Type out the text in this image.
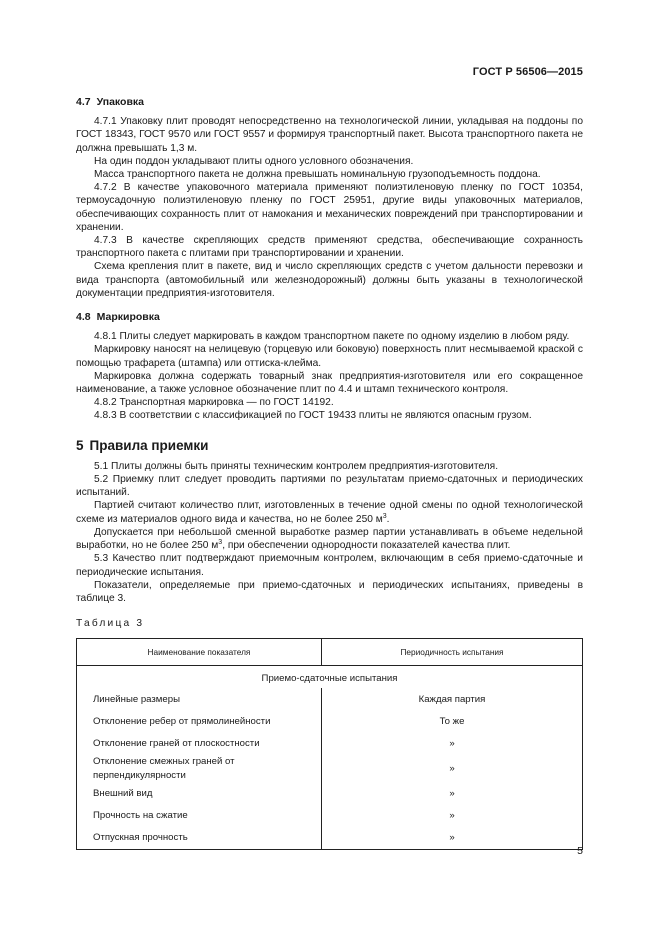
ГОСТ Р 56506—2015
4.7 Упаковка

4.7.1 Упаковку плит проводят непосредственно на технологической линии, укладывая на поддоны по ГОСТ 18343, ГОСТ 9570 или ГОСТ 9557 и формируя транспортный пакет. Высота транспортного пакета не должна превышать 1,3 м.

На один поддон укладывают плиты одного условного обозначения.

Масса транспортного пакета не должна превышать номинальную грузоподъемность поддона.

4.7.2 В качестве упаковочного материала применяют полиэтиленовую пленку по ГОСТ 10354, термоусадочную полиэтиленовую пленку по ГОСТ 25951, другие виды упаковочных материалов, обеспечивающих сохранность плит от намокания и механических повреждений при транспортировании и хранении.

4.7.3 В качестве скрепляющих средств применяют средства, обеспечивающие сохранность транспортного пакета с плитами при транспортировании и хранении.

Схема крепления плит в пакете, вид и число скрепляющих средств с учетом дальности перевозки и вида транспорта (автомобильный или железнодорожный) должны быть указаны в технологической документации предприятия-изготовителя.

4.8 Маркировка

4.8.1 Плиты следует маркировать в каждом транспортном пакете по одному изделию в любом ряду.

Маркировку наносят на нелицевую (торцевую или боковую) поверхность плит несмываемой краской с помощью трафарета (штампа) или оттиска-клейма.

Маркировка должна содержать товарный знак предприятия-изготовителя или его сокращенное наименование, а также условное обозначение плит по 4.4 и штамп технического контроля.

4.8.2 Транспортная маркировка — по ГОСТ 14192.

4.8.3 В соответствии с классификацией по ГОСТ 19433 плиты не являются опасным грузом.

5 Правила приемки

5.1 Плиты должны быть приняты техническим контролем предприятия-изготовителя.

5.2 Приемку плит следует проводить партиями по результатам приемо-сдаточных и периодических испытаний.

Партией считают количество плит, изготовленных в течение одной смены по одной технологической схеме из материалов одного вида и качества, но не более 250 $м^3$.

Допускается при небольшой сменной выработке размер партии устанавливать в объеме недельной выработки, но не более 250 $м^3$, при обеспечении однородности показателей качества плит.

5.3 Качество плит подтверждают приемочным контролем, включающим в себя приемо-сдаточные и периодические испытания.

Показатели, определяемые при приемо-сдаточных и периодических испытаниях, приведены в таблице 3.

Таблица 3
Наименование показателя	Периодичность испытания
Приемо-сдаточные испытания	
Линейные размеры	Каждая партия
Отклонение ребер от прямолинейности	То же
Отклонение граней от плоскостности	»
Отклонение смежных граней от перпендикулярности	»
Внешний вид	»
Прочность на сжатие	»
Отпускная прочность	»
5
